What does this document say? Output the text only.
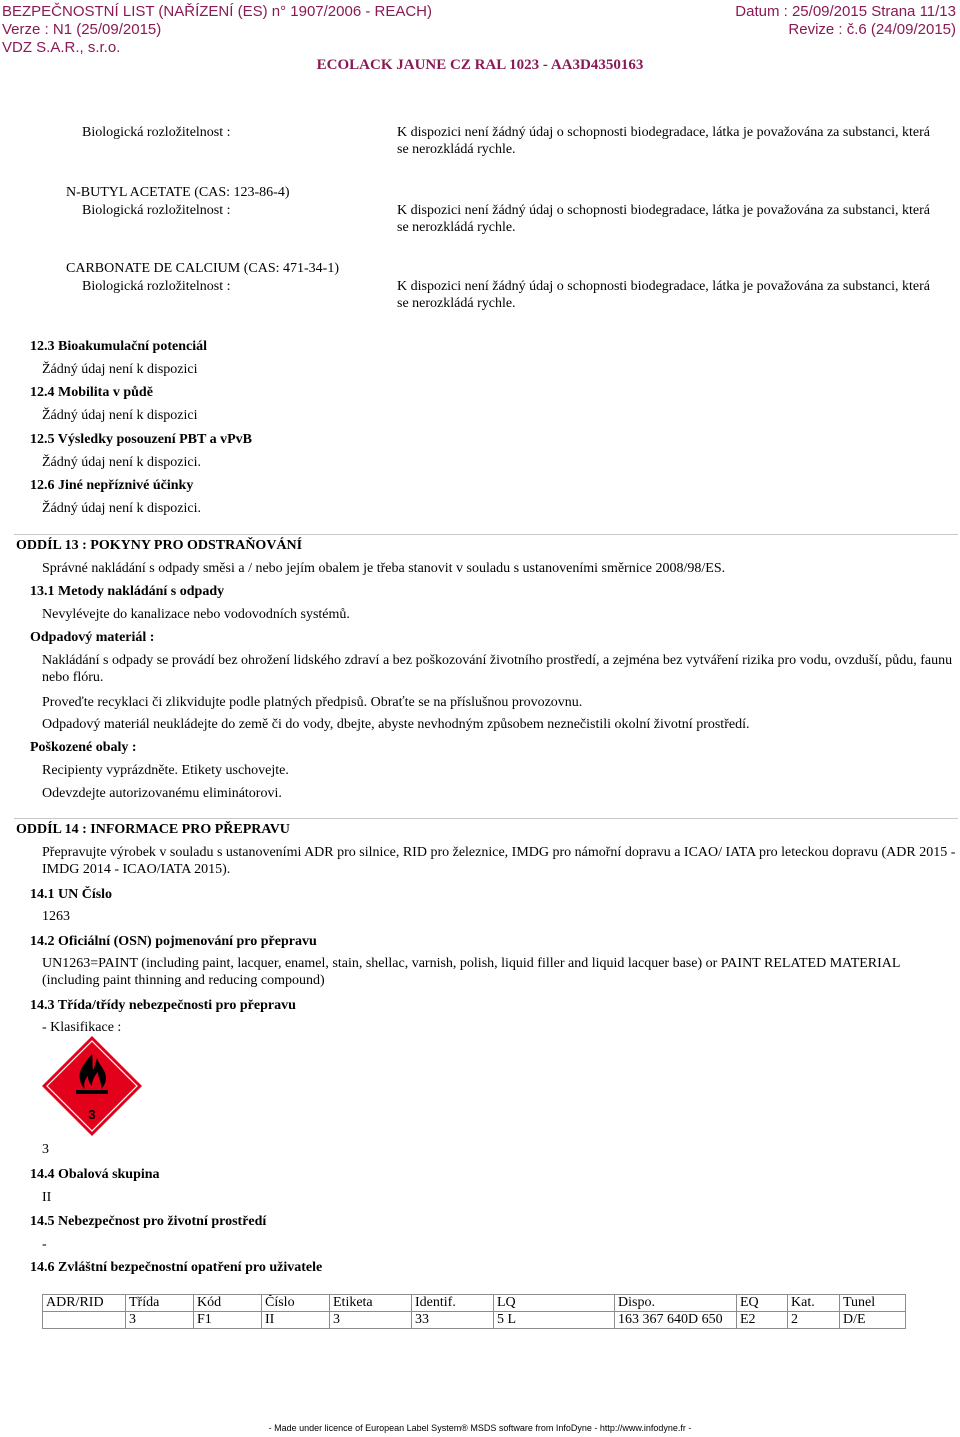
BEZPEČNOSTNÍ LIST (NAŘÍZENÍ (ES) n° 1907/2006 - REACH)
Verze : N1 (25/09/2015)
VDZ S.A.R., s.r.o.
Datum : 25/09/2015 Strana 11/13
Revize : č.6 (24/09/2015)
ECOLACK JAUNE CZ RAL 1023 - AA3D4350163
Biologická rozložitelnost :	K dispozici není žádný údaj o schopnosti biodegradace, látka je považována za substanci, která se nerozkládá rychle.
N-BUTYL ACETATE (CAS: 123-86-4)
Biologická rozložitelnost :	K dispozici není žádný údaj o schopnosti biodegradace, látka je považována za substanci, která se nerozkládá rychle.
CARBONATE DE CALCIUM (CAS: 471-34-1)
Biologická rozložitelnost :	K dispozici není žádný údaj o schopnosti biodegradace, látka je považována za substanci, která se nerozkládá rychle.
12.3 Bioakumulační potenciál
Žádný údaj není k dispozici
12.4 Mobilita v půdě
Žádný údaj není k dispozici
12.5 Výsledky posouzení PBT a vPvB
Žádný údaj není k dispozici.
12.6 Jiné nepříznivé účinky
Žádný údaj není k dispozici.
ODDÍL 13 : POKYNY PRO ODSTRAŇOVÁNÍ
Správné nakládání s odpady směsi a / nebo jejím obalem je třeba stanovit v souladu s ustanoveními směrnice 2008/98/ES.
13.1 Metody nakládání s odpady
Nevylévejte do kanalizace nebo vodovodních systémů.
Odpadový materiál :
Nakládání s odpady se provádí bez ohrožení lidského zdraví a bez poškozování životního prostředí, a zejména bez vytváření rizika pro vodu, ovzduší, půdu, faunu nebo flóru.
Proveďte recyklaci či zlikvidujte podle platných předpisů. Obraťte se na příslušnou provozovnu.
Odpadový materiál neukládejte do země či do vody, dbejte, abyste nevhodným způsobem neznečistili okolní životní prostředí.
Poškozené obaly :
Recipienty vyprázdněte. Etikety uschovejte.
Odevzdejte autorizovanému eliminátorovi.
ODDÍL 14 : INFORMACE PRO PŘEPRAVU
Přepravujte výrobek v souladu s ustanoveními ADR pro silnice, RID pro železnice, IMDG pro námořní dopravu a ICAO/ IATA pro leteckou dopravu (ADR 2015 - IMDG 2014 - ICAO/IATA 2015).
14.1 UN Číslo
1263
14.2 Oficiální (OSN) pojmenování pro přepravu
UN1263=PAINT (including paint, lacquer, enamel, stain, shellac, varnish, polish, liquid filler and liquid lacquer base) or PAINT RELATED MATERIAL (including paint thinning and reducing compound)
14.3 Třída/třídy nebezpečnosti pro přepravu
- Klasifikace :
3
3
14.4 Obalová skupina
II
14.5 Nebezpečnost pro životní prostředí
-
14.6 Zvláštní bezpečnostní opatření pro uživatele
ADR/RID	Třída	Kód	Číslo	Etiketa	Identif.	LQ	Dispo.	EQ	Kat.	Tunel
	3	F1	II	3	33	5 L	163 367 640D 650	E2	2	D/E
- Made under licence of European Label System® MSDS software from InfoDyne - http://www.infodyne.fr -
